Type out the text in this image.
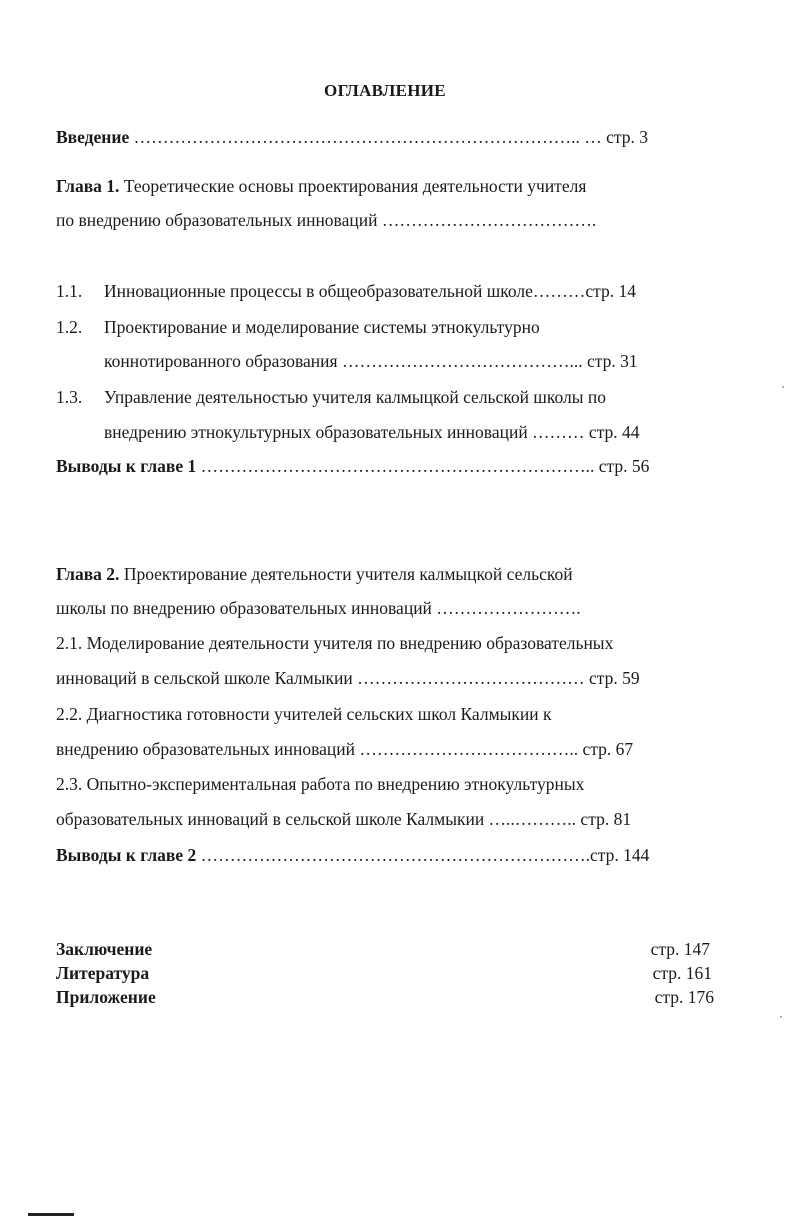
ОГЛАВЛЕНИЕ
Введение ………………………………………………………………….. … стр. 3
Глава 1. Теоретические основы проектирования деятельности учителя
по внедрению образовательных инноваций ……………………………….
1.1. Инновационные процессы в общеобразовательной школе………стр. 14
1.2. Проектирование и моделирование системы этнокультурно
коннотированного образования …………………………………... стр. 31
1.3. Управление деятельностью учителя калмыцкой сельской школы по
внедрению этнокультурных образовательных инноваций ……… стр. 44
Выводы к главе 1 ………………………………………………………….. стр. 56
Глава 2. Проектирование деятельности учителя калмыцкой сельской
школы по внедрению образовательных инноваций …………………….
2.1. Моделирование деятельности учителя по внедрению образовательных
инноваций в сельской школе Калмыкии ………………………………… стр. 59
2.2. Диагностика готовности учителей сельских школ Калмыкии к
внедрению образовательных инноваций ……………………………….. стр. 67
2.3. Опытно-экспериментальная работа по внедрению этнокультурных
образовательных инноваций в сельской школе Калмыкии …..……….. стр. 81
Выводы к главе 2 ………………………………………………………….стр. 144
Заключение	стр. 147
Литература	стр. 161
Приложение	стр. 176
